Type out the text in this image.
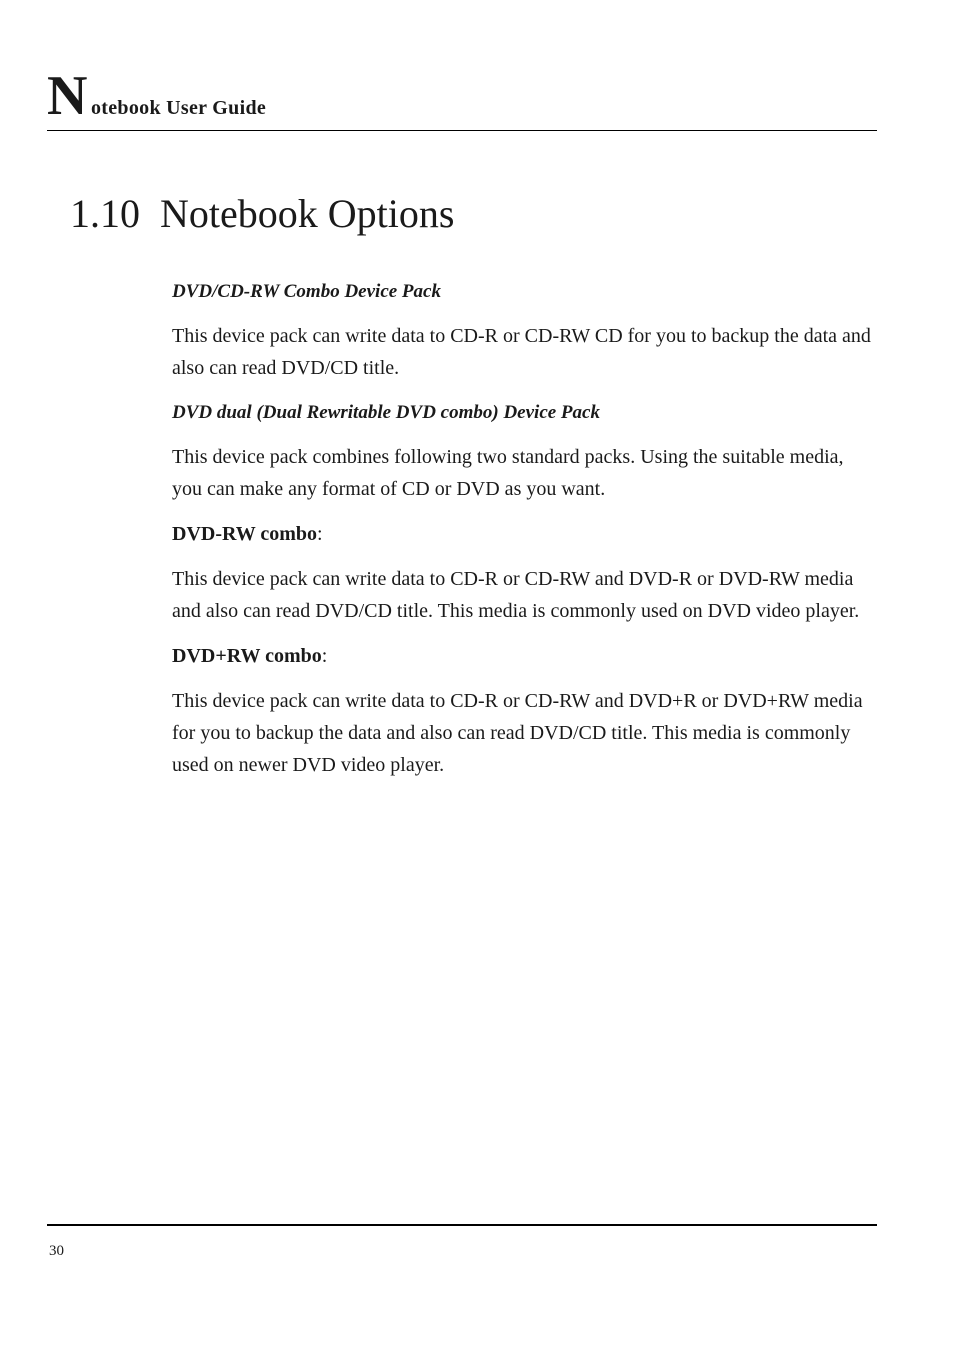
N otebook User Guide
1.10  Notebook Options
DVD/CD-RW Combo Device Pack

This device pack can write data to CD-R or CD-RW CD for you to backup the data and also can read DVD/CD title.

DVD dual (Dual Rewritable DVD combo) Device Pack

This device pack combines following two standard packs. Using the suitable media, you can make any format of CD or DVD as you want.

DVD-RW combo:

This device pack can write data to CD-R or CD-RW and DVD-R or DVD-RW media and also can read DVD/CD title. This media is commonly used on DVD video player.

DVD+RW combo:

This device pack can write data to CD-R or CD-RW and DVD+R or DVD+RW media for you to backup the data and also can read DVD/CD title. This media is commonly used on newer DVD video player.

30
